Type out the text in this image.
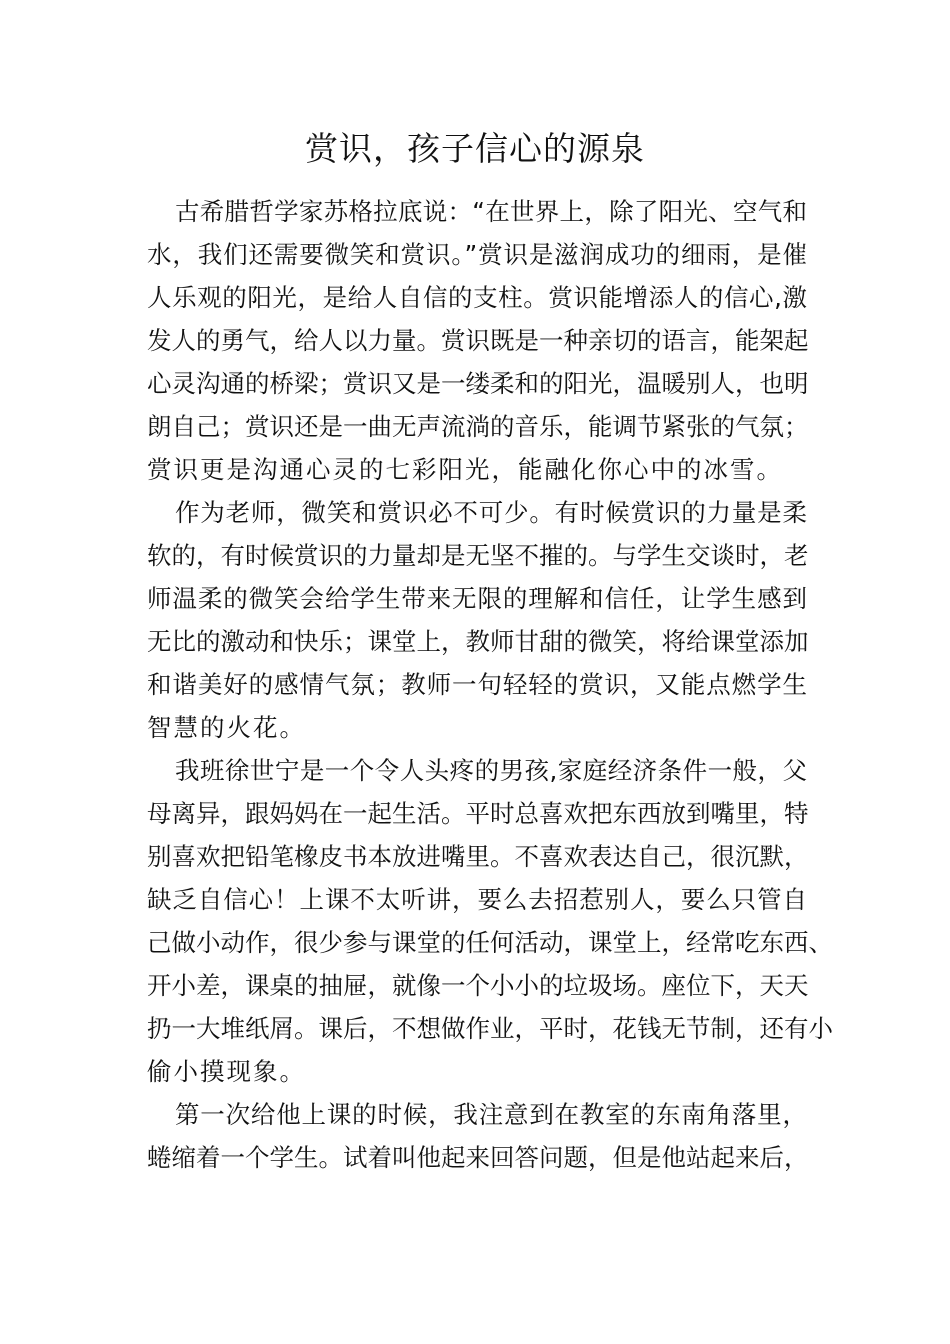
赏识，孩子信心的源泉
古希腊哲学家苏格拉底说：“在世界上，除了阳光、空气和
水，我们还需要微笑和赏识。”赏识是滋润成功的细雨，是催
人乐观的阳光，是给人自信的支柱。赏识能增添人的信心,激
发人的勇气，给人以力量。赏识既是一种亲切的语言，能架起
心灵沟通的桥梁；赏识又是一缕柔和的阳光，温暖别人，也明
朗自己；赏识还是一曲无声流淌的音乐，能调节紧张的气氛；
赏识更是沟通心灵的七彩阳光，能融化你心中的冰雪。
作为老师，微笑和赏识必不可少。有时候赏识的力量是柔
软的，有时候赏识的力量却是无坚不摧的。与学生交谈时，老
师温柔的微笑会给学生带来无限的理解和信任，让学生感到
无比的激动和快乐；课堂上，教师甘甜的微笑，将给课堂添加
和谐美好的感情气氛；教师一句轻轻的赏识，又能点燃学生
智慧的火花。
我班徐世宁是一个令人头疼的男孩,家庭经济条件一般，父
母离异，跟妈妈在一起生活。平时总喜欢把东西放到嘴里，特
别喜欢把铅笔橡皮书本放进嘴里。不喜欢表达自己，很沉默，
缺乏自信心！上课不太听讲，要么去招惹别人，要么只管自
己做小动作，很少参与课堂的任何活动，课堂上，经常吃东西、
开小差，课桌的抽屉，就像一个小小的垃圾场。座位下，天天
扔一大堆纸屑。课后，不想做作业，平时，花钱无节制，还有小
偷小摸现象。
第一次给他上课的时候，我注意到在教室的东南角落里，
蜷缩着一个学生。试着叫他起来回答问题，但是他站起来后，
